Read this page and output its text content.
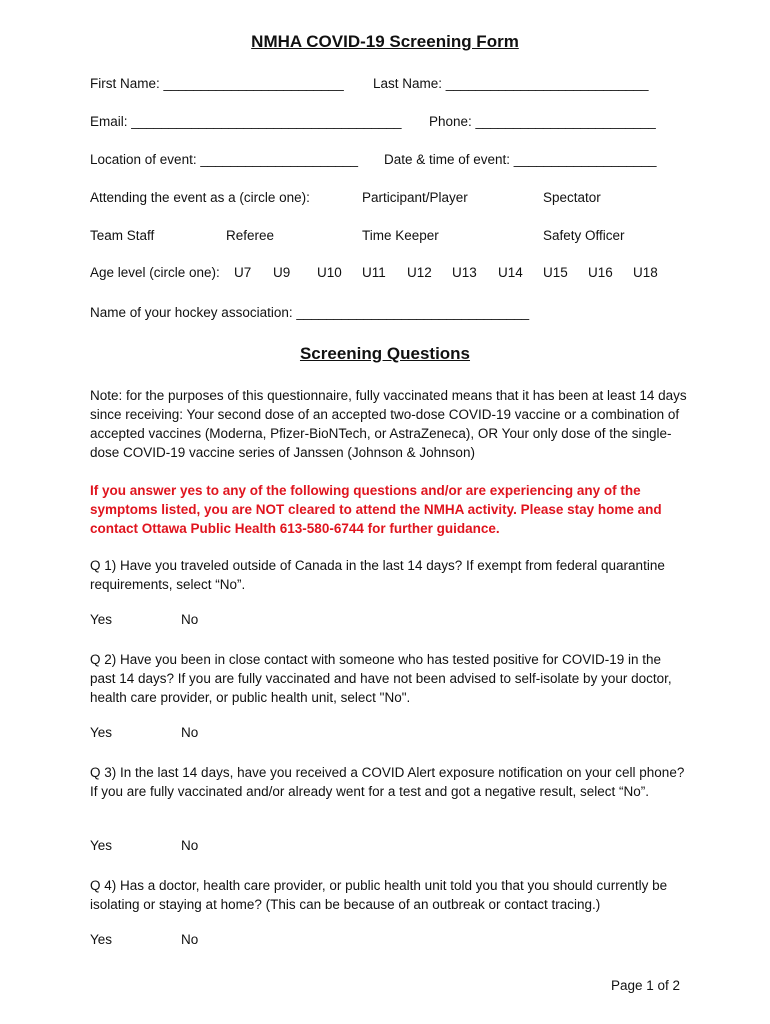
NMHA COVID-19 Screening Form
First Name: ________________________ Last Name: ___________________________
Email: ____________________________________ Phone: ________________________
Location of event: _____________________ Date & time of event: ___________________
Attending the event as a (circle one):	Participant/Player	Spectator
Team Staff	Referee	Time Keeper	Safety Officer
Age level (circle one): U7 U9 U10 U11 U12 U13 U14 U15 U16 U18
Name of your hockey association: _______________________________
Screening Questions
Note: for the purposes of this questionnaire, fully vaccinated means that it has been at least 14 days since receiving: Your second dose of an accepted two-dose COVID-19 vaccine or a combination of accepted vaccines (Moderna, Pfizer-BioNTech, or AstraZeneca), OR Your only dose of the single-dose COVID-19 vaccine series of Janssen (Johnson & Johnson)
If you answer yes to any of the following questions and/or are experiencing any of the symptoms listed, you are NOT cleared to attend the NMHA activity. Please stay home and contact Ottawa Public Health 613-580-6744 for further guidance.
Q 1) Have you traveled outside of Canada in the last 14 days? If exempt from federal quarantine requirements, select “No”.
Yes	No
Q 2) Have you been in close contact with someone who has tested positive for COVID-19 in the past 14 days? If you are fully vaccinated and have not been advised to self-isolate by your doctor, health care provider, or public health unit, select "No".
Yes	No
Q 3) In the last 14 days, have you received a COVID Alert exposure notification on your cell phone? If you are fully vaccinated and/or already went for a test and got a negative result, select “No”.
Yes	No
Q 4) Has a doctor, health care provider, or public health unit told you that you should currently be isolating or staying at home? (This can be because of an outbreak or contact tracing.)
Yes	No
Page 1 of 2
